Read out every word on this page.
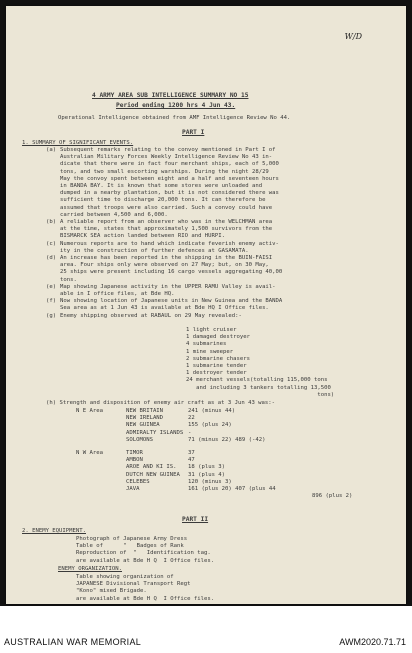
W/D
4 ARMY AREA SUB INTELLIGENCE SUMMARY NO 15
Period ending 1200 hrs 4 Jun 43.
Operational Intelligence obtained from AMF Intelligence Review No 44.
PART I
1. SUMMARY OF SIGNIFICANT EVENTS.
(a) Subsequent remarks relating to the convoy mentioned in Part I of
Australian Military Forces Weekly Intelligence Review No 43 in-
dicate that there were in fact four merchant ships, each of 5,000
tons, and two small escorting warships. During the night 28/29
May the convoy spent between eight and a half and seventeen hours
in BANDA BAY. It is known that some stores were unloaded and
dumped in a nearby plantation, but it is not considered there was
sufficient time to discharge 20,000 tons. It can therefore be
assumed that troops were also carried. Such a convoy could have
carried between 4,500 and 6,000.
(b) A reliable report from an observer who was in the WELCHMAN area
at the time, states that approximately 1,500 survivors from the
BISMARCK SEA action landed between RIO and HURPI.
(c) Numerous reports are to hand which indicate feverish enemy activ-
ity in the construction of further defences at GASAMATA.
(d) An increase has been reported in the shipping in the BUIN-FAISI
area. Four ships only were observed on 27 May; but, on 30 May,
25 ships were present including 16 cargo vessels aggregating 40,00
tons.
(e) Map showing Japanese activity in the UPPER RAMU Valley is avail-
able in I office files, at Bde HQ.
(f) Now showing location of Japanese units in New Guinea and the BANDA
Sea area as at 1 Jun 43 is available at Bde HQ I Office files.
(g) Enemy shipping observed at RABAUL on 29 May revealed:-
1 light cruiser
1 damaged destroyer
4 submarines
1 mine sweeper
2 submarine chasers
1 submarine tender
1 destroyer tender
24 merchant vessels(totalling 115,000 tons
and including 3 tankers totalling 13,500
tons)
(h) Strength and disposition of enemy air craft as at 3 Jun 43 was:-
N E Area	NEW BRITAIN	241 (minus 44)
NEW IRELAND	22
NEW GUINEA	155 (plus 24)
ADMIRALTY ISLANDS -
SOLOMONS	71 (minus 22) 489 (-42)
N W Area	TIMOR	37
AMBON	47
AROE AND KI IS. 18 (plus 3)
DUTCH NEW GUINEA 31 (plus 4)
CELEBES	120 (minus 3)
JAVA	161 (plus 20) 407 (plus 44
896 (plus 2)
PART II
2. ENEMY EQUIPMENT.
Photograph of Japanese Army Dress
Table of      "   Badges of Rank
Reproduction of  "   Identification tag.
are available at Bde H Q  I Office files.
ENEMY ORGANIZATION.
Table showing organization of
JAPANESE Divisional Transport Regt
"Kono" mixed Brigade.
are available at Bde H Q  I Office files.
AUSTRALIAN WAR MEMORIAL	AWM2020.71.71
